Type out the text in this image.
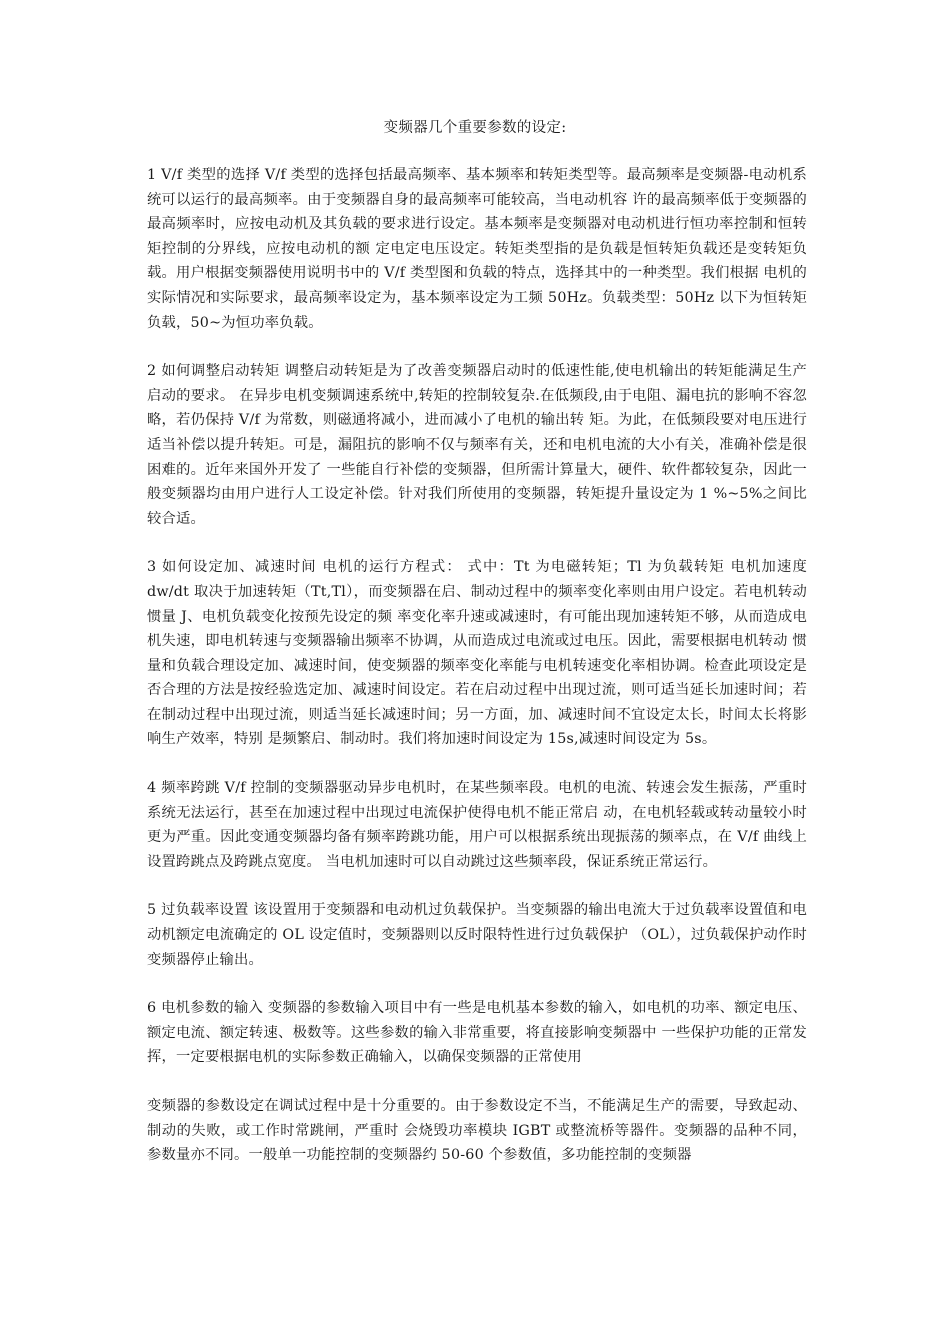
变频器几个重要参数的设定:

1 V/f 类型的选择 V/f 类型的选择包括最高频率、基本频率和转矩类型等。最高频率是变频器-电动机系统可以运行的最高频率。由于变频器自身的最高频率可能较高，当电动机容 许的最高频率低于变频器的最高频率时，应按电动机及其负载的要求进行设定。基本频率是变频器对电动机进行恒功率控制和恒转矩控制的分界线，应按电动机的额 定电定电压设定。转矩类型指的是负载是恒转矩负载还是变转矩负载。用户根据变频器使用说明书中的 V/f 类型图和负载的特点，选择其中的一种类型。我们根据 电机的实际情况和实际要求，最高频率设定为，基本频率设定为工频 50Hz。负载类型：50Hz 以下为恒转矩负载，50~为恒功率负载。

2 如何调整启动转矩 调整启动转矩是为了改善变频器启动时的低速性能,使电机输出的转矩能满足生产启动的要求。 在异步电机变频调速系统中,转矩的控制较复杂.在低频段,由于电阻、漏电抗的影响不容忽略，若仍保持 V/f 为常数，则磁通将减小，进而减小了电机的输出转 矩。为此，在低频段要对电压进行适当补偿以提升转矩。可是，漏阻抗的影响不仅与频率有关，还和电机电流的大小有关，准确补偿是很困难的。近年来国外开发了 一些能自行补偿的变频器，但所需计算量大，硬件、软件都较复杂，因此一般变频器均由用户进行人工设定补偿。针对我们所使用的变频器，转矩提升量设定为 1 %~5%之间比较合适。

3 如何设定加、减速时间 电机的运行方程式： 式中：Tt 为电磁转矩；Tl 为负载转矩 电机加速度 dw/dt 取决于加速转矩（Tt,Tl），而变频器在启、制动过程中的频率变化率则由用户设定。若电机转动惯量 J、电机负载变化按预先设定的频 率变化率升速或减速时，有可能出现加速转矩不够，从而造成电机失速，即电机转速与变频器输出频率不协调，从而造成过电流或过电压。因此，需要根据电机转动 惯量和负载合理设定加、减速时间，使变频器的频率变化率能与电机转速变化率相协调。检查此项设定是否合理的方法是按经验选定加、减速时间设定。若在启动过程中出现过流，则可适当延长加速时间；若在制动过程中出现过流，则适当延长减速时间；另一方面，加、减速时间不宜设定太长，时间太长将影响生产效率，特别 是频繁启、制动时。我们将加速时间设定为 15s,减速时间设定为 5s。

4 频率跨跳 V/f 控制的变频器驱动异步电机时，在某些频率段。电机的电流、转速会发生振荡，严重时系统无法运行，甚至在加速过程中出现过电流保护使得电机不能正常启 动，在电机轻载或转动量较小时更为严重。因此变通变频器均备有频率跨跳功能，用户可以根据系统出现振荡的频率点，在 V/f 曲线上设置跨跳点及跨跳点宽度。 当电机加速时可以自动跳过这些频率段，保证系统正常运行。

5 过负载率设置 该设置用于变频器和电动机过负载保护。当变频器的输出电流大于过负载率设置值和电动机额定电流确定的 OL 设定值时，变频器则以反时限特性进行过负载保护 （OL），过负载保护动作时变频器停止输出。

6 电机参数的输入 变频器的参数输入项目中有一些是电机基本参数的输入，如电机的功率、额定电压、额定电流、额定转速、极数等。这些参数的输入非常重要，将直接影响变频器中 一些保护功能的正常发挥，一定要根据电机的实际参数正确输入，以确保变频器的正常使用

变频器的参数设定在调试过程中是十分重要的。由于参数设定不当，不能满足生产的需要，导致起动、制动的失败，或工作时常跳闸，严重时 会烧毁功率模块 IGBT 或整流桥等器件。变频器的品种不同，参数量亦不同。一般单一功能控制的变频器约 50-60 个参数值，多功能控制的变频器
